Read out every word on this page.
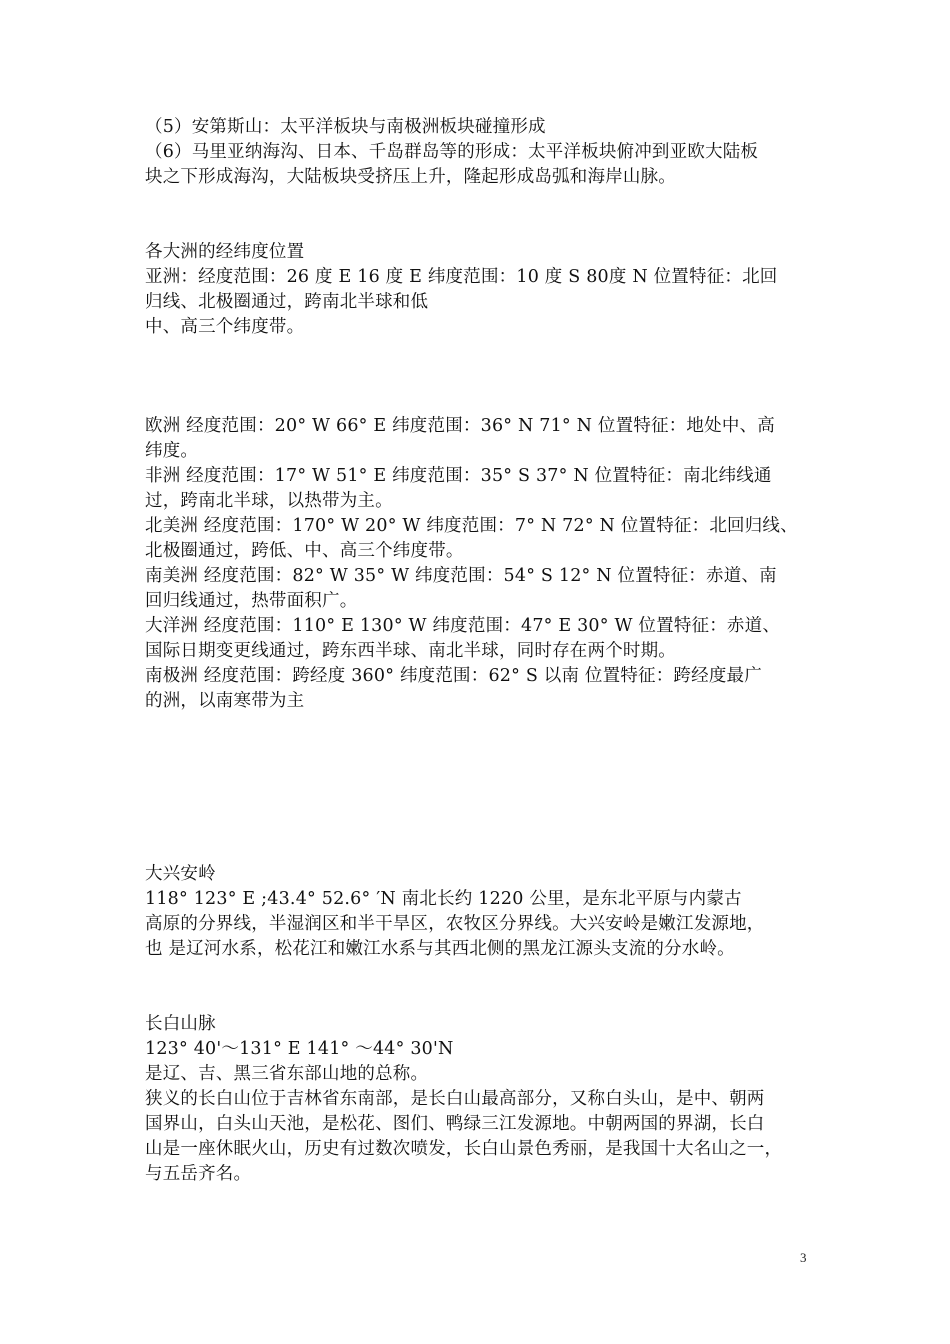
（5）安第斯山：太平洋板块与南极洲板块碰撞形成
（6）马里亚纳海沟、日本、千岛群岛等的形成：太平洋板块俯冲到亚欧大陆板
块之下形成海沟，大陆板块受挤压上升，隆起形成岛弧和海岸山脉。
各大洲的经纬度位置
亚洲：经度范围：26 度 E 16 度 E 纬度范围：10 度 S 80度 N 位置特征：北回
归线、北极圈通过，跨南北半球和低
中、高三个纬度带。
欧洲 经度范围：20° W 66° E 纬度范围：36° N 71° N 位置特征：地处中、高
纬度。
非洲 经度范围：17° W 51° E 纬度范围：35° S 37° N 位置特征：南北纬线通
过，跨南北半球，以热带为主。
北美洲 经度范围：170° W 20° W 纬度范围：7° N 72° N 位置特征：北回归线、
北极圈通过，跨低、中、高三个纬度带。
南美洲 经度范围：82° W 35° W 纬度范围：54° S 12° N 位置特征：赤道、南
回归线通过，热带面积广。
大洋洲 经度范围：110° E 130° W 纬度范围：47° E 30° W 位置特征：赤道、
国际日期变更线通过，跨东西半球、南北半球，同时存在两个时期。
南极洲 经度范围：跨经度 360° 纬度范围：62° S 以南 位置特征：跨经度最广
的洲，以南寒带为主
大兴安岭
118° 123° E ;43.4° 52.6° ′N 南北长约 1220 公里，是东北平原与内蒙古
高原的分界线，半湿润区和半干旱区，农牧区分界线。大兴安岭是嫩江发源地，
也 是辽河水系，松花江和嫩江水系与其西北侧的黑龙江源头支流的分水岭。
长白山脉
123° 40'～131° E 141° ～44° 30'N
是辽、吉、黑三省东部山地的总称。
狭义的长白山位于吉林省东南部，是长白山最高部分，又称白头山，是中、朝两
国界山，白头山天池，是松花、图们、鸭绿三江发源地。中朝两国的界湖，长白
山是一座休眠火山，历史有过数次喷发，长白山景色秀丽，是我国十大名山之一，
与五岳齐名。
3
